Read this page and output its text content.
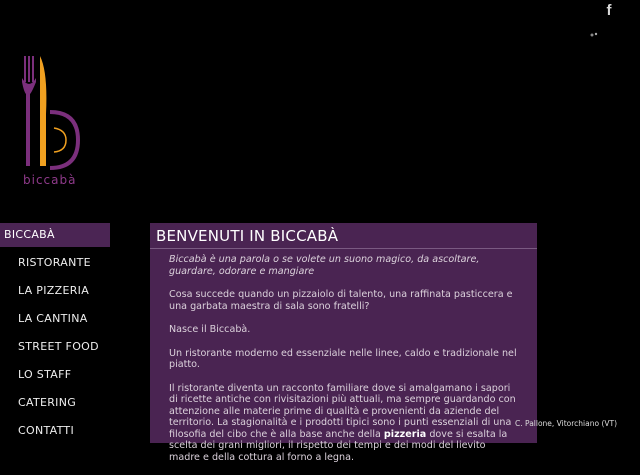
f
biccabà
BICCABÀ
RISTORANTE
LA PIZZERIA
LA CANTINA
STREET FOOD
LO STAFF
CATERING
CONTATTI
BENVENUTI IN BICCABÀ

Biccabà è una parola o se volete un suono magico, da ascoltare, guardare, odorare e mangiare

Cosa succede quando un pizzaiolo di talento, una raffinata pasticcera e una garbata maestra di sala sono fratelli?

Nasce il Biccabà.

Un ristorante moderno ed essenziale nelle linee, caldo e tradizionale nel piatto.

Il ristorante diventa un racconto familiare dove si amalgamano i sapori di ricette antiche con rivisitazioni più attuali, ma sempre guardando con attenzione alle materie prime di qualità e provenienti da aziende del territorio. La stagionalità e i prodotti tipici sono i punti essenziali di una filosofia del cibo che è alla base anche della pizzeria dove si esalta la scelta dei grani migliori, il rispetto dei tempi e dei modi del lievito madre e della cottura al forno a legna.

C. Pallone, Vitorchiano (VT)
